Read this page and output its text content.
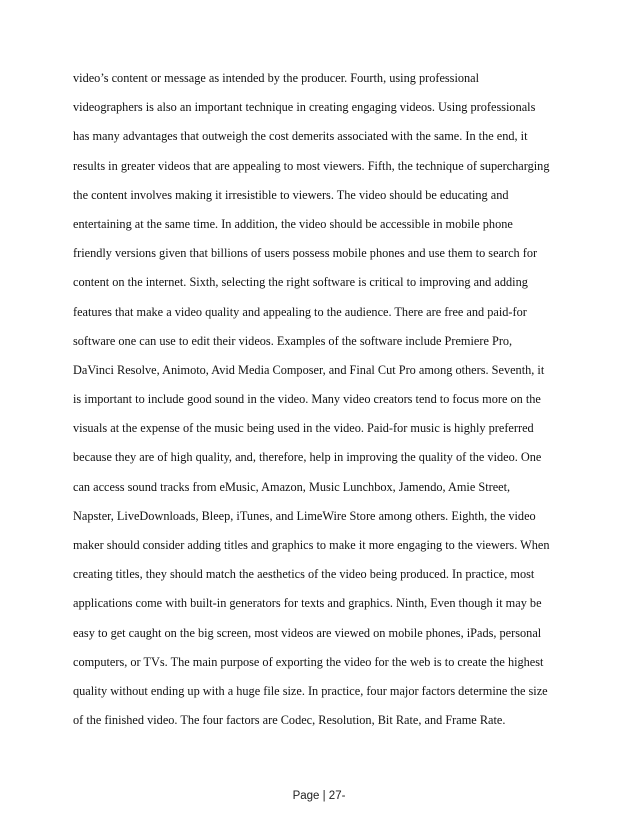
video’s content or message as intended by the producer. Fourth, using professional
videographers is also an important technique in creating engaging videos. Using professionals
has many advantages that outweigh the cost demerits associated with the same. In the end, it
results in greater videos that are appealing to most viewers. Fifth, the technique of supercharging
the content involves making it irresistible to viewers. The video should be educating and
entertaining at the same time. In addition, the video should be accessible in mobile phone
friendly versions given that billions of users possess mobile phones and use them to search for
content on the internet. Sixth, selecting the right software is critical to improving and adding
features that make a video quality and appealing to the audience. There are free and paid-for
software one can use to edit their videos. Examples of the software include Premiere Pro,
DaVinci Resolve, Animoto, Avid Media Composer, and Final Cut Pro among others. Seventh, it
is important to include good sound in the video. Many video creators tend to focus more on the
visuals at the expense of the music being used in the video. Paid-for music is highly preferred
because they are of high quality, and, therefore, help in improving the quality of the video. One
can access sound tracks from eMusic, Amazon, Music Lunchbox, Jamendo, Amie Street,
Napster, LiveDownloads, Bleep, iTunes, and LimeWire Store among others. Eighth, the video
maker should consider adding titles and graphics to make it more engaging to the viewers. When
creating titles, they should match the aesthetics of the video being produced. In practice, most
applications come with built-in generators for texts and graphics. Ninth, Even though it may be
easy to get caught on the big screen, most videos are viewed on mobile phones, iPads, personal
computers, or TVs. The main purpose of exporting the video for the web is to create the highest
quality without ending up with a huge file size. In practice, four major factors determine the size
of the finished video. The four factors are Codec, Resolution, Bit Rate, and Frame Rate.
Page | 27-
